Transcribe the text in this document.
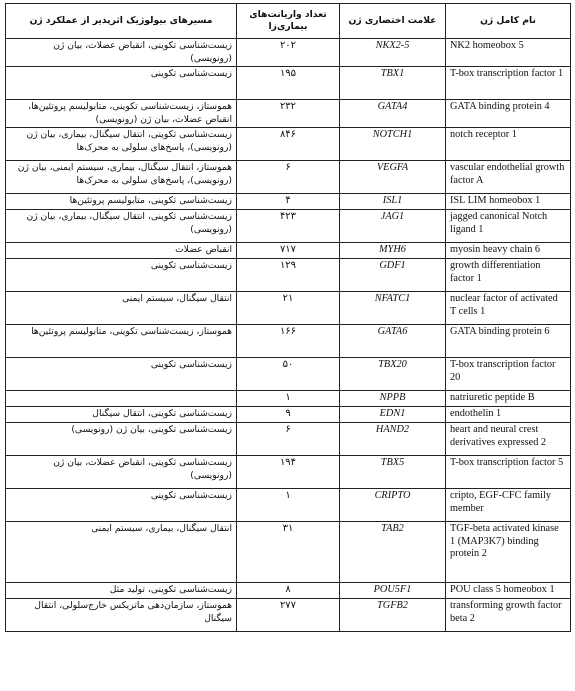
نام کامل ژن	علامت اختصاری ژن	تعداد واریانت‌های بیماری‌زا	مسیرهای بیولوژیک اثرپذیر از عملکرد ژن
NK2 homeobox 5	NKX2-5	۲۰۲	زیست‌شناسی تکوینی، انقباض عضلات، بیان ژن (رونویسی)
T-box transcription factor 1	TBX1	۱۹۵	زیست‌شناسی تکوینی
GATA binding protein 4	GATA4	۲۳۲	هموستاز، زیست‌شناسی تکوینی، متابولیسم پروتئین‌ها، انقباض عضلات، بیان ژن (رونویسی)
notch receptor 1	NOTCH1	۸۴۶	زیست‌شناسی تکوینی، انتقال سیگنال، بیماری، بیان ژن (رونویسی)، پاسخ‌های سلولی به محرک‌ها
vascular endothelial growth factor A	VEGFA	۶	هموستاز، انتقال سیگنال، بیماری، سیستم ایمنی، بیان ژن (رونویسی)، پاسخ‌های سلولی به محرک‌ها
ISL LIM homeobox 1	ISL1	۴	زیست‌شناسی تکوینی، متابولیسم پروتئین‌ها
jagged canonical Notch ligand 1	JAG1	۴۲۳	زیست‌شناسی تکوینی، انتقال سیگنال، بیماری، بیان ژن (رونویسی)
myosin heavy chain 6	MYH6	۷۱۷	انقباض عضلات
growth differentiation factor 1	GDF1	۱۲۹	زیست‌شناسی تکوینی
nuclear factor of activated T cells 1	NFATC1	۲۱	انتقال سیگنال، سیستم ایمنی
GATA binding protein 6	GATA6	۱۶۶	هموستاز، زیست‌شناسی تکوینی، متابولیسم پروتئین‌ها
T-box transcription factor 20	TBX20	۵۰	زیست‌شناسی تکوینی
natriuretic peptide B	NPPB	۱	
endothelin 1	EDN1	۹	زیست‌شناسی تکوینی، انتقال سیگنال
heart and neural crest derivatives expressed 2	HAND2	۶	زیست‌شناسی تکوینی، بیان ژن (رونویسی)
T-box transcription factor 5	TBX5	۱۹۴	زیست‌شناسی تکوینی، انقباض عضلات، بیان ژن (رونویسی)
cripto, EGF-CFC family member	CRIPTO	۱	زیست‌شناسی تکوینی
TGF-beta activated kinase 1 (MAP3K7) binding protein 2	TAB2	۳۱	انتقال سیگنال، بیماری، سیستم ایمنی
POU class 5 homeobox 1	POU5F1	۸	زیست‌شناسی تکوینی، تولید مثل
transforming growth factor beta 2	TGFB2	۲۷۷	هموستاز، سازمان‌دهی ماتریکس خارج‌سلولی، انتقال سیگنال
